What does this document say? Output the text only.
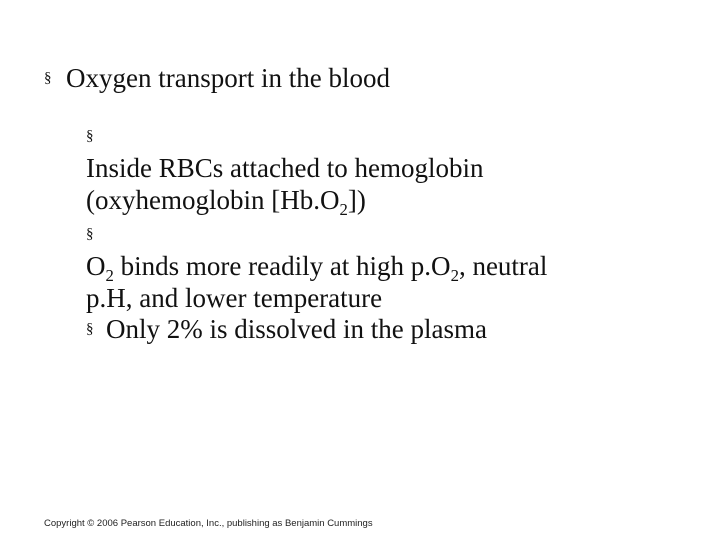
§ Oxygen transport in the blood
§
Inside RBCs attached to hemoglobin
(oxyhemoglobin $[Hb.O_2]$)
§
$O_2$ binds more readily at high $p.O_2$, neutral
p.H, and lower temperature
§ Only 2% is dissolved in the plasma
Copyright © 2006 Pearson Education, Inc., publishing as Benjamin Cummings
